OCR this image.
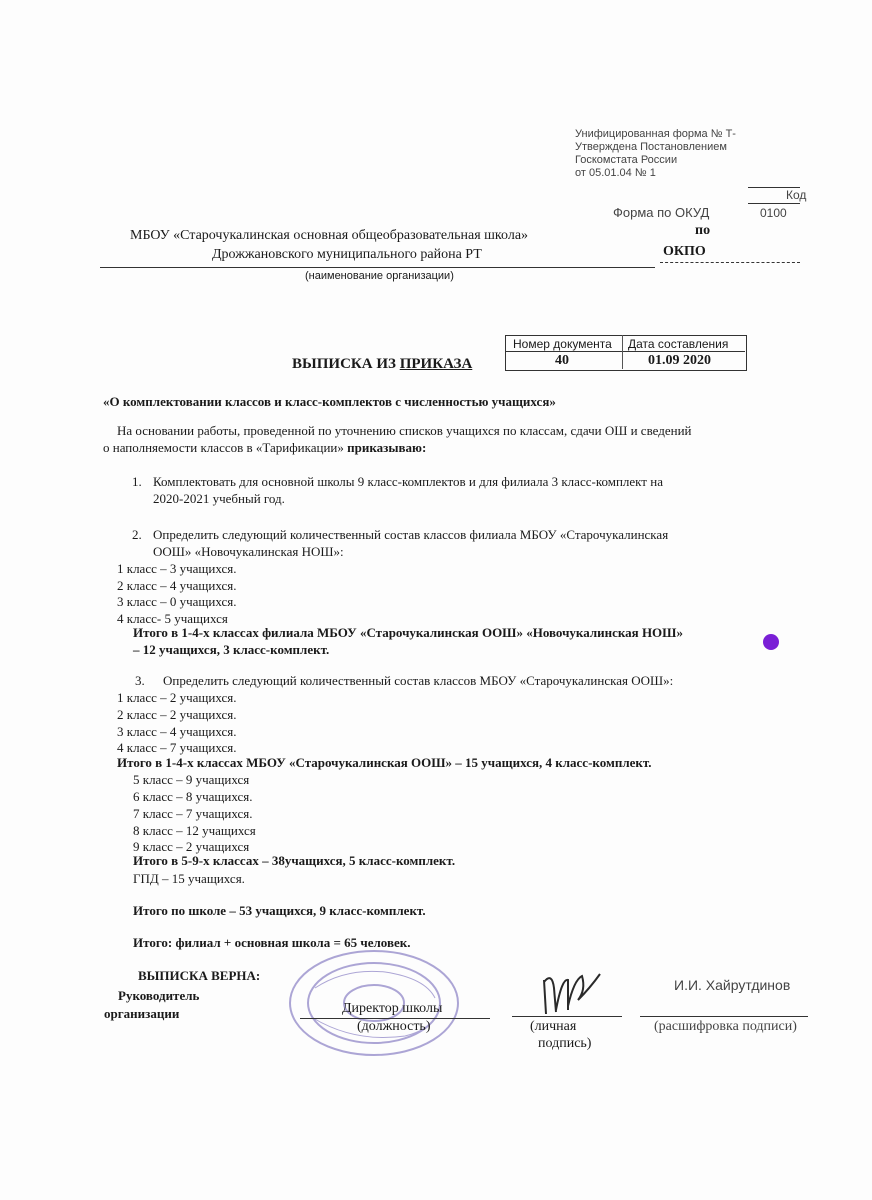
Унифицированная форма № Т-
Утверждена Постановлением
Госкомстата России
от 05.01.04 № 1
Код
Форма по ОКУД	0100
по
МБОУ «Старочукалинская основная общеобразовательная школа»
Дрожжановского муниципального района РТ	ОКПО
(наименование организации)
Номер документа Дата составления
40	01.09 2020
ВЫПИСКА ИЗ ПРИКАЗА
«О комплектовании классов и класс-комплектов с численностью учащихся»
На основании работы, проведенной по уточнению списков учащихся по классам, сдачи ОШ и сведений
о наполняемости классов в «Тарификации» приказываю:
1. Комплектовать для основной школы 9 класс-комплектов и для филиала 3 класс-комплект на
2020-2021 учебный год.
2. Определить следующий количественный состав классов филиала МБОУ «Старочукалинская
ООШ» «Новочукалинская НОШ»:
1 класс – 3 учащихся.
2 класс – 4 учащихся.
3 класс – 0 учащихся.
4 класс- 5 учащихся
Итого в 1-4-х классах филиала МБОУ «Старочукалинская ООШ» «Новочукалинская НОШ»
– 12 учащихся, 3 класс-комплект.
3. Определить следующий количественный состав классов МБОУ «Старочукалинская ООШ»:
1 класс – 2 учащихся.
2 класс – 2 учащихся.
3 класс – 4 учащихся.
4 класс – 7 учащихся.
Итого в 1-4-х классах МБОУ «Старочукалинская ООШ» – 15 учащихся, 4 класс-комплект.
5 класс – 9 учащихся
6 класс – 8 учащихся.
7 класс – 7 учащихся.
8 класс – 12 учащихся
9 класс – 2 учащихся
Итого в 5-9-х классах – 38учащихся, 5 класс-комплект.
ГПД – 15 учащихся.
Итого по школе – 53 учащихся, 9 класс-комплект.
Итого: филиал + основная школа = 65 человек.
ВЫПИСКА ВЕРНА:
Руководитель
организации	Директор школы
(должность)	(личная
подпись)
И.И. Хайрутдинов
(расшифровка подписи)
